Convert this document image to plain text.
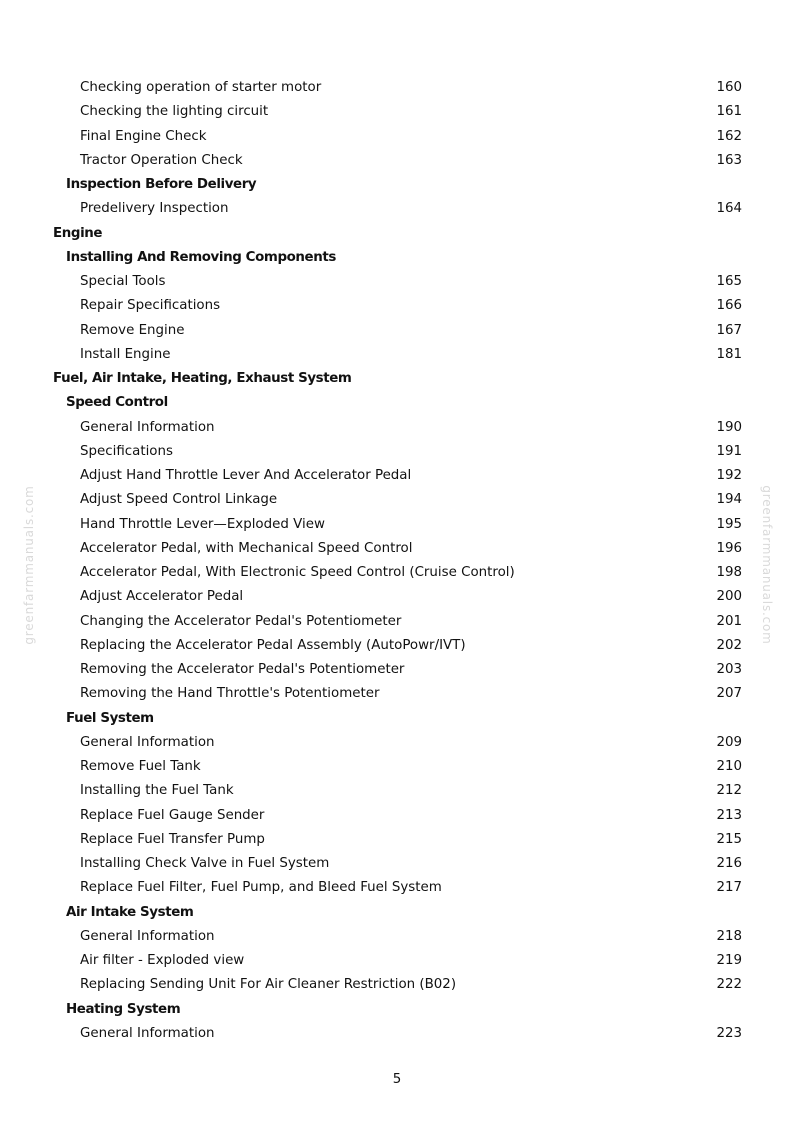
Checking operation of starter motor	160
Checking the lighting circuit	161
Final Engine Check	162
Tractor Operation Check	163
Inspection Before Delivery
Predelivery Inspection	164
Engine
Installing And Removing Components
Special Tools	165
Repair Specifications	166
Remove Engine	167
Install Engine	181
Fuel, Air Intake, Heating, Exhaust System
Speed Control
General Information	190
Specifications	191
Adjust Hand Throttle Lever And Accelerator Pedal	192
Adjust Speed Control Linkage	194
Hand Throttle Lever—Exploded View	195
Accelerator Pedal, with Mechanical Speed Control	196
Accelerator Pedal, With Electronic Speed Control (Cruise Control)	198
Adjust Accelerator Pedal	200
Changing the Accelerator Pedal's Potentiometer	201
Replacing the Accelerator Pedal Assembly (AutoPowr/IVT)	202
Removing the Accelerator Pedal's Potentiometer	203
Removing the Hand Throttle's Potentiometer	207
Fuel System
General Information	209
Remove Fuel Tank	210
Installing the Fuel Tank	212
Replace Fuel Gauge Sender	213
Replace Fuel Transfer Pump	215
Installing Check Valve in Fuel System	216
Replace Fuel Filter, Fuel Pump, and Bleed Fuel System	217
Air Intake System
General Information	218
Air filter - Exploded view	219
Replacing Sending Unit For Air Cleaner Restriction (B02)	222
Heating System
General Information	223
greenfarmmanuals.com	greenfarmmanuals.com
5
